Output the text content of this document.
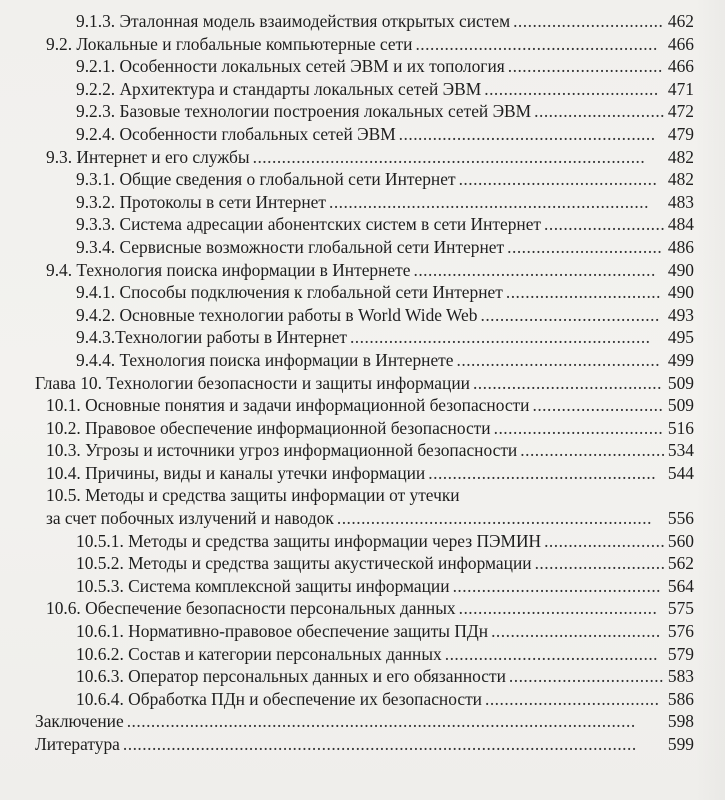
9.1.3. Эталонная модель взаимодействия открытых систем ............................... 462
9.2. Локальные и глобальные компьютерные сети .................................................. 466
9.2.1. Особенности локальных сетей ЭВМ и их топология ................................ 466
9.2.2. Архитектура и стандарты локальных сетей ЭВМ .................................... 471
9.2.3. Базовые технологии построения локальных сетей ЭВМ ........................... 472
9.2.4. Особенности глобальных сетей ЭВМ ..................................................... 479
9.3. Интернет и его службы .................................................................................	482
9.3.1. Общие сведения о глобальной сети Интернет ......................................... 482
9.3.2. Протоколы в сети Интернет ..................................................................	483
9.3.3. Система адресации абонентских систем в сети Интернет ......................... 484
9.3.4. Сервисные возможности глобальной сети Интернет ................................ 486
9.4. Технология поиска информации в Интернете .................................................. 490
9.4.1. Способы подключения к глобальной сети Интернет ................................ 490
9.4.2. Основные технологии работы в World Wide Web ..................................... 493
9.4.3.Технологии работы в Интернет .............................................................. 495
9.4.4. Технология поиска информации в Интернете .......................................... 499
Глава 10. Технологии безопасности и защиты информации ....................................... 509
10.1. Основные понятия и задачи информационной безопасности ........................... 509
10.2. Правовое обеспечение информационной безопасности ................................... 516
10.3. Угрозы и источники угроз информационной безопасности .............................. 534
10.4. Причины, виды и каналы утечки информации ............................................... 544
10.5. Методы и средства защиты информации от утечки
за счет побочных излучений и наводок ................................................................. 556
10.5.1. Методы и средства защиты информации через ПЭМИН ......................... 560
10.5.2. Методы и средства защиты акустической информации ........................... 562
10.5.3. Система комплексной защиты информации ........................................... 564
10.6. Обеспечение безопасности персональных данных ......................................... 575
10.6.1. Нормативно-правовое обеспечение защиты ПДн ................................... 576
10.6.2. Состав и категории персональных данных ............................................ 579
10.6.3. Оператор персональных данных и его обязанности ................................ 583
10.6.4. Обработка ПДн и обеспечение их безопасности .................................... 586
Заключение .........................................................................................................	598
Литература ..........................................................................................................	599
